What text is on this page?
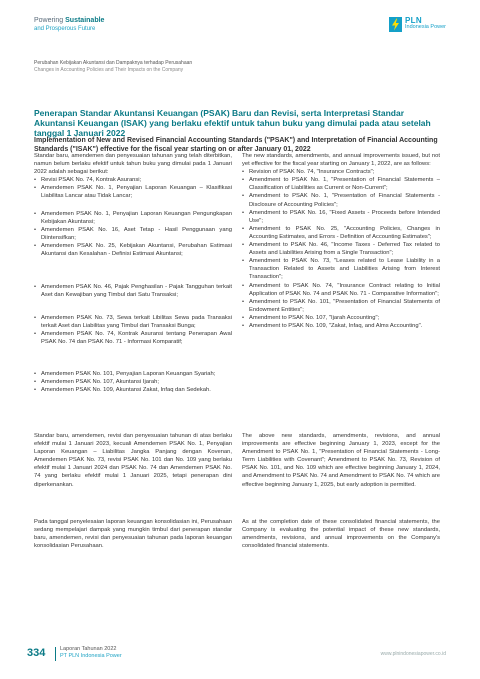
Powering Sustainable
and Prosperous Future
PLN
Indonesia Power
Perubahan Kebijakan Akuntansi dan Dampaknya terhadap Perusahaan
Changes in Accounting Policies and Their Impacts on the Company
Penerapan Standar Akuntansi Keuangan (PSAK) Baru dan Revisi, serta Interpretasi Standar Akuntansi Keuangan (ISAK) yang berlaku efektif untuk tahun buku yang dimulai pada atau setelah tanggal 1 Januari 2022
Implementation of New and Revised Financial Accounting Standards ("PSAK") and Interpretation of Financial Accounting Standards ("ISAK") effective for the fiscal year starting on or after January 01, 2022

Standar baru, amendemen dan penyesuaian tahunan yang telah diterbitkan, namun belum berlaku efektif untuk tahun buku yang dimulai pada 1 Januari 2022 adalah sebagai berikut:

• Revisi PSAK No. 74, Kontrak Asuransi;
• Amendemen PSAK No. 1, Penyajian Laporan Keuangan – Klasifikasi Liabilitas Lancar atau Tidak Lancar;
• Amendemen PSAK No. 1, Penyajian Laporan Keuangan Pengungkapan Kebijakan Akuntansi;
• Amendemen PSAK No. 16, Aset Tetap - Hasil Penggunaan yang Diintensifkan;
• Amendemen PSAK No. 25, Kebijakan Akuntansi, Perubahan Estimasi Akuntansi dan Kesalahan - Definisi Estimasi Akuntansi;
• Amendemen PSAK No. 46, Pajak Penghasilan - Pajak Tangguhan terkait Aset dan Kewajiban yang Timbul dari Satu Transaksi;
• Amendemen PSAK No. 73, Sewa terkait Libilitas Sewa pada Transaksi terkait Aset dan Liabilitas yang Timbul dari Transaksi Bunga;
• Amendemen PSAK No. 74, Kontrak Asuransi tentang Penerapan Awal PSAK No. 74 dan PSAK No. 71 - Informasi Komparatif;
• Amendemen PSAK No. 101, Penyajian Laporan Keuangan Syariah;
• Amendemen PSAK No. 107, Akuntansi Ijarah;
• Amendemen PSAK No. 109, Akuntansi Zakat, Infaq dan Sedekah.

Standar baru, amendemen, revisi dan penyesuaian tahunan di atas berlaku efektif mulai 1 Januari 2023, kecuali Amendemen PSAK No. 1, Penyajian Laporan Keuangan – Liabilitas Jangka Panjang dengan Kovenan, Amendemen PSAK No. 73, revisi PSAK No. 101 dan No. 109 yang berlaku efektif mulai 1 Januari 2024 dan PSAK No. 74 dan Amendemen PSAK No. 74 yang berlaku efektif mulai 1 Januari 2025, tetapi penerapan dini diperkenankan.

Pada tanggal penyelesaian laporan keuangan konsolidasian ini, Perusahaan sedang mempelajari dampak yang mungkin timbul dari penerapan standar baru, amendemen, revisi dan penyesuaian tahunan pada laporan keuangan konsolidasian Perusahaan.

The new standards, amendments, and annual improvements issued, but not yet effective for the fiscal year starting on January 1, 2022, are as follows:

• Revision of PSAK No. 74, "Insurance Contracts";
• Amendment to PSAK No. 1, "Presentation of Financial Statements – Classification of Liabilities as Current or Non-Current";
• Amendment to PSAK No. 1, "Presentation of Financial Statements - Disclosure of Accounting Policies";
• Amendment to PSAK No. 16, "Fixed Assets - Proceeds before Intended Use";
• Amendment to PSAK No. 25, "Accounting Policies, Changes in Accounting Estimates, and Errors - Definition of Accounting Estimates";
• Amendment to PSAK No. 46, "Income Taxes - Deferred Tax related to Assets and Liabilities Arising from a Single Transaction";
• Amendment to PSAK No. 73, "Leases related to Lease Liability in a Transaction Related to Assets and Liabilities Arising from Interest Transaction";
• Amendment to PSAK No. 74, "Insurance Contract relating to Initial Application of PSAK No. 74 and PSAK No. 71 - Comparative Information";
• Amendment to PSAK No. 101, "Presentation of Financial Statements of Endowment Entities";
• Amendment to PSAK No. 107, "Ijarah Accounting";
• Amendment to PSAK No. 109, "Zakat, Infaq, and Alms Accounting".

The above new standards, amendments, revisions, and annual improvements are effective beginning January 1, 2023, except for the Amendment to PSAK No. 1, "Presentation of Financial Statements - Long-Term Liabilities with Covenant"; Amendment to PSAK No. 73, Revision of PSAK No. 101, and No. 109 which are effective beginning January 1, 2024, and Amendment to PSAK No. 74 and Amendment to PSAK No. 74 which are effective beginning January 1, 2025, but early adoption is permitted.

As at the completion date of these consolidated financial statements, the Company is evaluating the potential impact of these new standards, amendments, revisions, and annual improvements on the Company's consolidated financial statements.

334	Laporan Tahunan 2022
PT PLN Indonesia Power	www.plnindonesiapower.co.id
